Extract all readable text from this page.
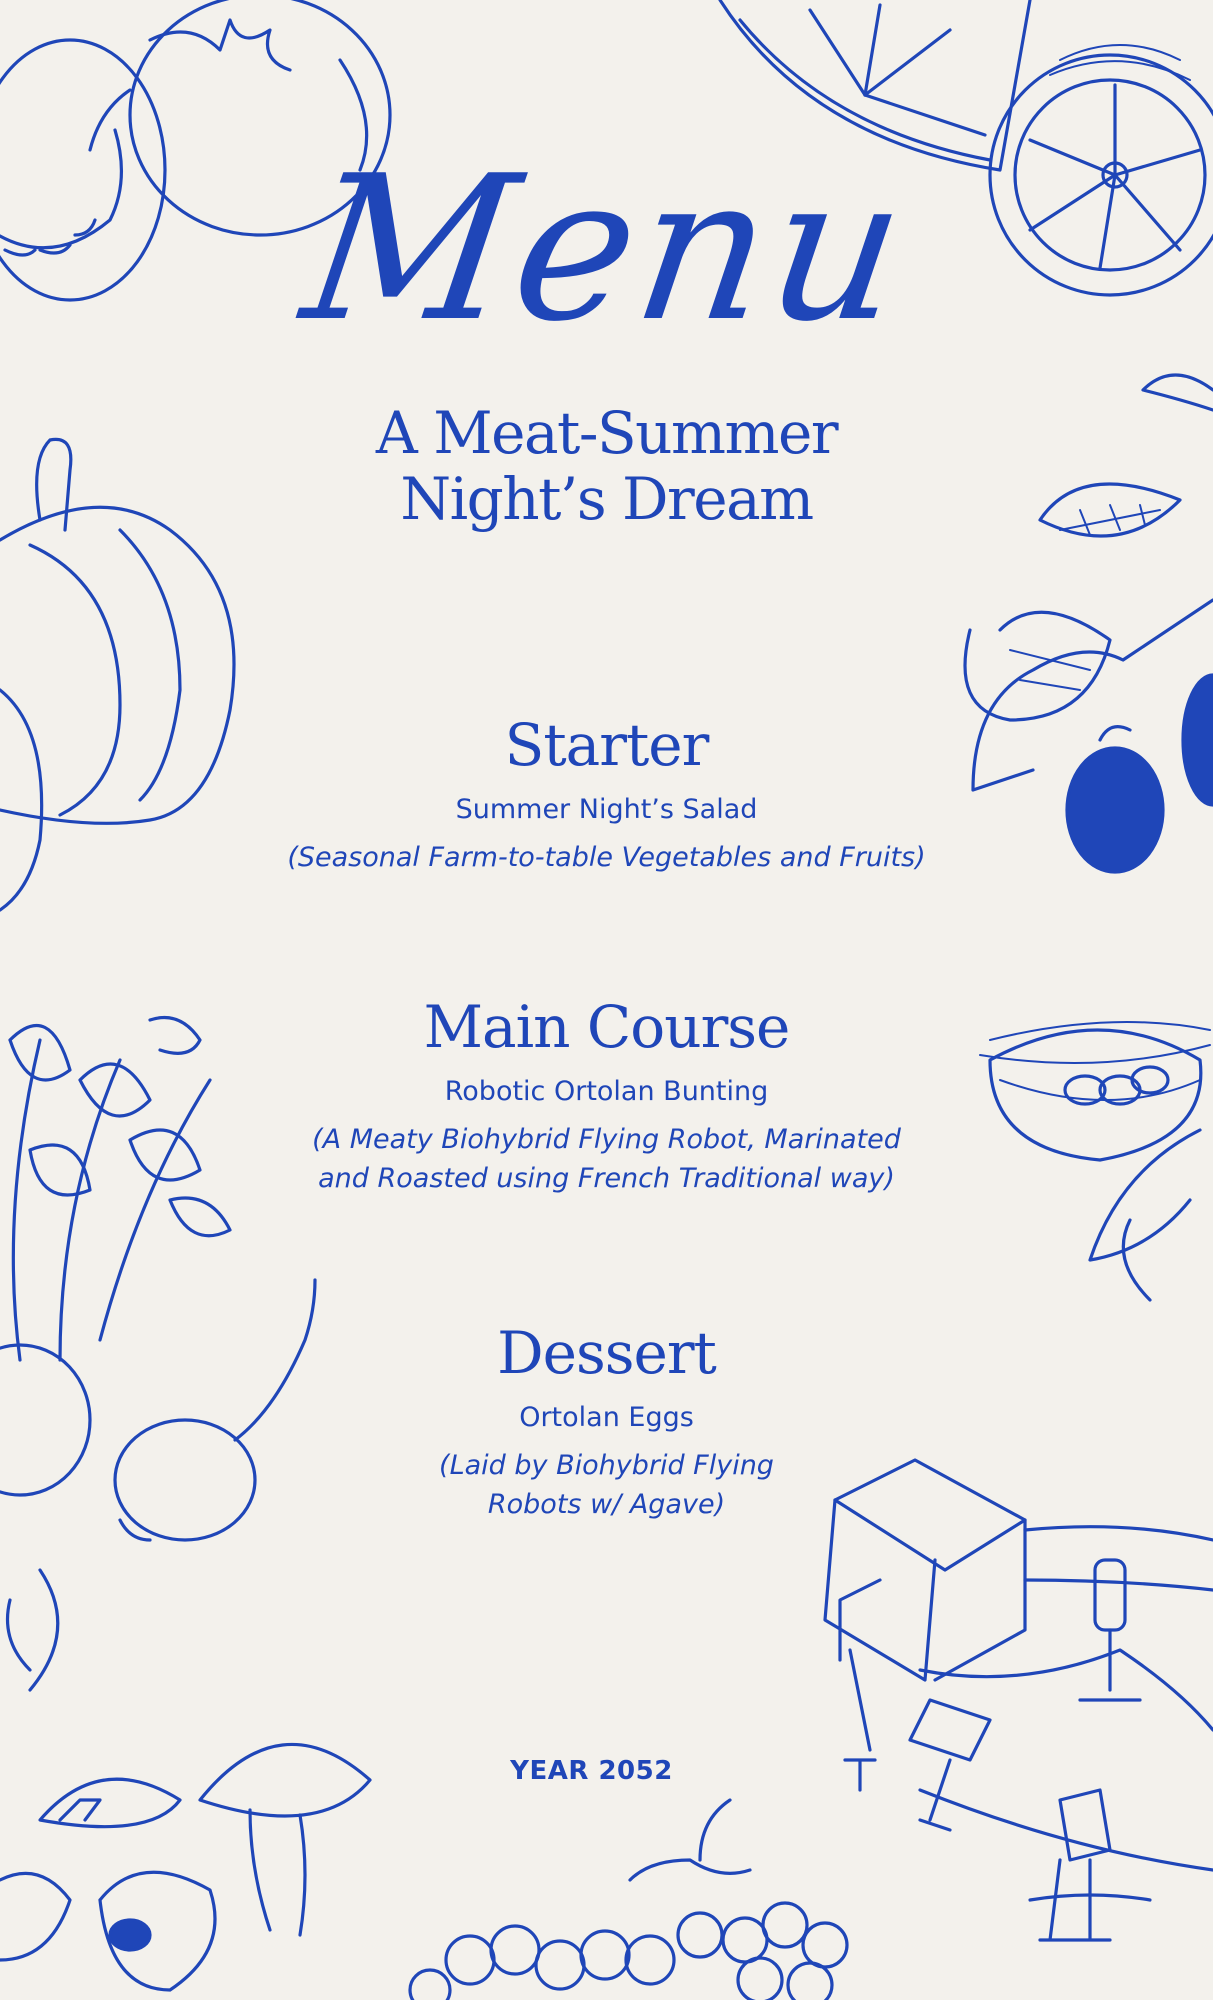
Menu
A Meat-Summer
Night’s Dream
Starter
Summer Night’s Salad
(Seasonal Farm-to-table Vegetables and Fruits)
Main Course
Robotic Ortolan Bunting
(A Meaty Biohybrid Flying Robot, Marinated
and Roasted using French Traditional way)
Dessert
Ortolan Eggs
(Laid by Biohybrid Flying
Robots w/ Agave)
YEAR 2052
